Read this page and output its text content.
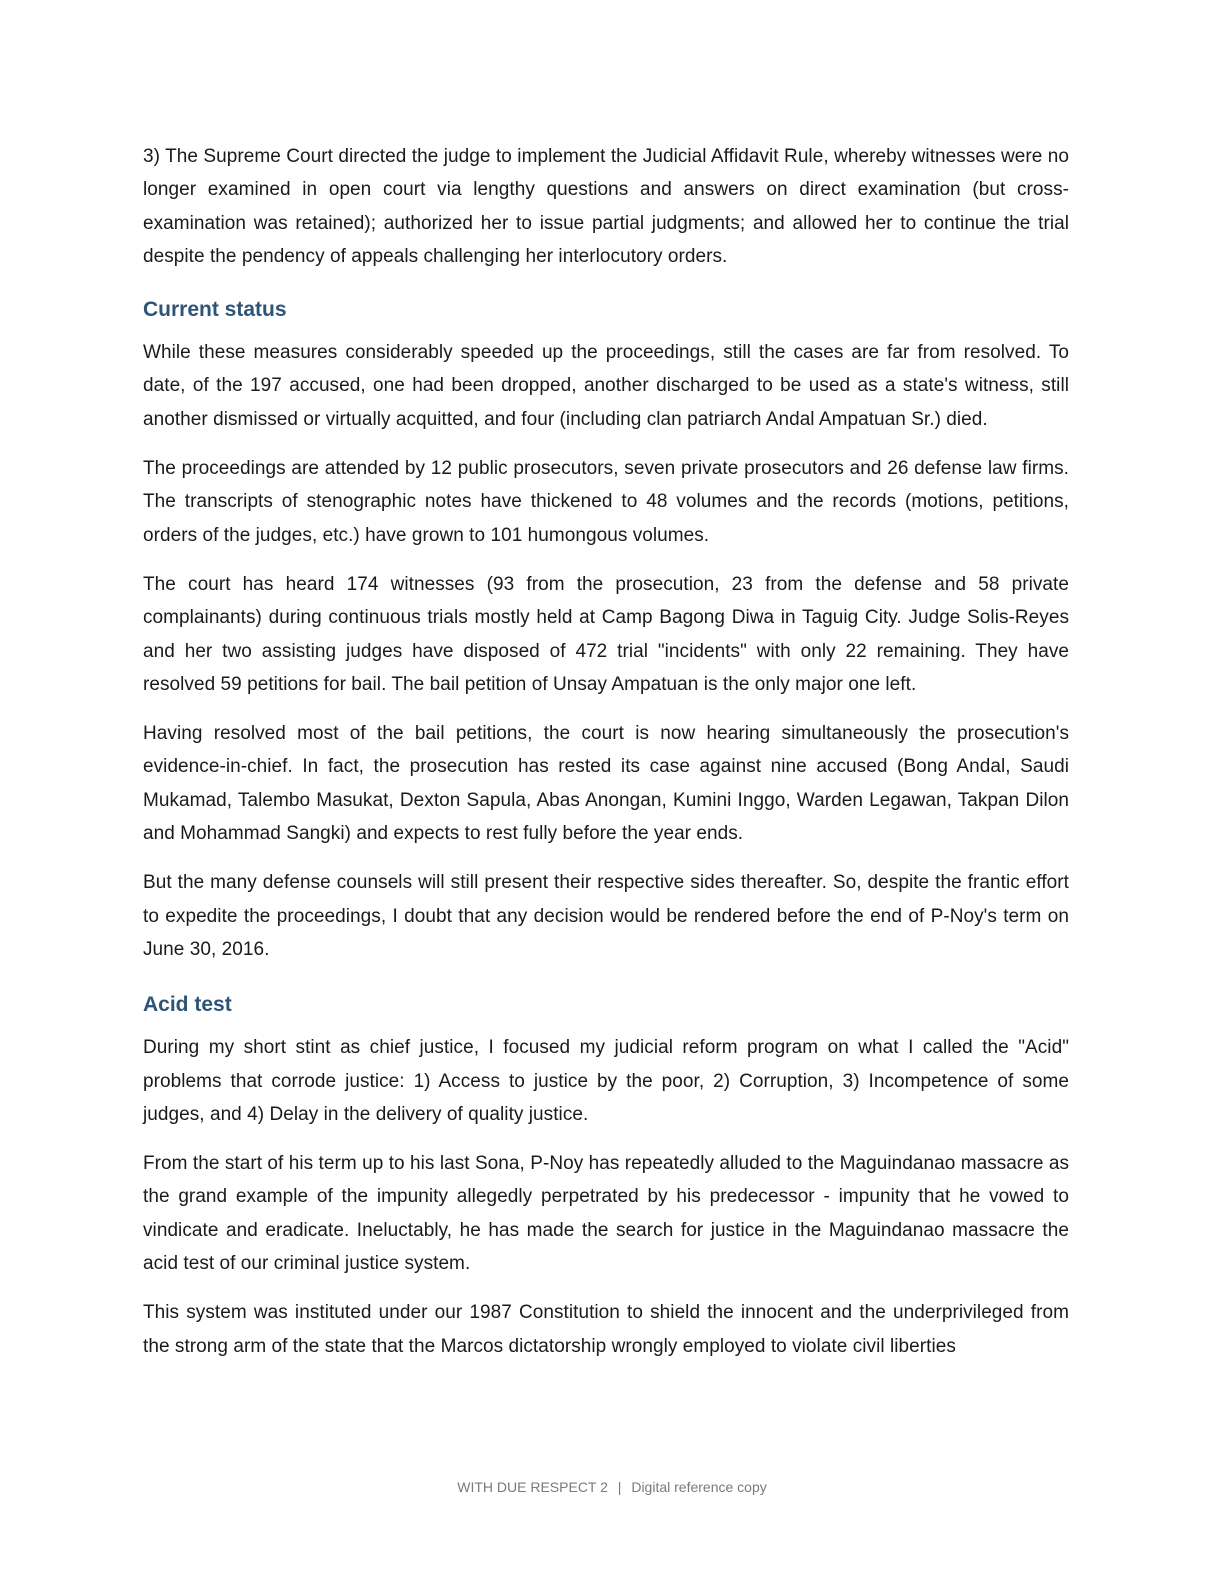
3) The Supreme Court directed the judge to implement the Judicial Affidavit Rule, whereby witnesses were no longer examined in open court via lengthy questions and answers on direct examination (but cross-examination was retained); authorized her to issue partial judgments; and allowed her to continue the trial despite the pendency of appeals challenging her interlocutory orders.

Current status

While these measures considerably speeded up the proceedings, still the cases are far from resolved. To date, of the 197 accused, one had been dropped, another discharged to be used as a state's witness, still another dismissed or virtually acquitted, and four (including clan patriarch Andal Ampatuan Sr.) died.

The proceedings are attended by 12 public prosecutors, seven private prosecutors and 26 defense law firms. The transcripts of stenographic notes have thickened to 48 volumes and the records (motions, petitions, orders of the judges, etc.) have grown to 101 humongous volumes.

The court has heard 174 witnesses (93 from the prosecution, 23 from the defense and 58 private complainants) during continuous trials mostly held at Camp Bagong Diwa in Taguig City. Judge Solis-Reyes and her two assisting judges have disposed of 472 trial "incidents" with only 22 remaining. They have resolved 59 petitions for bail. The bail petition of Unsay Ampatuan is the only major one left.

Having resolved most of the bail petitions, the court is now hearing simultaneously the prosecution's evidence-in-chief. In fact, the prosecution has rested its case against nine accused (Bong Andal, Saudi Mukamad, Talembo Masukat, Dexton Sapula, Abas Anongan, Kumini Inggo, Warden Legawan, Takpan Dilon and Mohammad Sangki) and expects to rest fully before the year ends.

But the many defense counsels will still present their respective sides thereafter. So, despite the frantic effort to expedite the proceedings, I doubt that any decision would be rendered before the end of P-Noy's term on June 30, 2016.

Acid test

During my short stint as chief justice, I focused my judicial reform program on what I called the "Acid" problems that corrode justice: 1) Access to justice by the poor, 2) Corruption, 3) Incompetence of some judges, and 4) Delay in the delivery of quality justice.

From the start of his term up to his last Sona, P-Noy has repeatedly alluded to the Maguindanao massacre as the grand example of the impunity allegedly perpetrated by his predecessor - impunity that he vowed to vindicate and eradicate. Ineluctably, he has made the search for justice in the Maguindanao massacre the acid test of our criminal justice system.

This system was instituted under our 1987 Constitution to shield the innocent and the underprivileged from the strong arm of the state that the Marcos dictatorship wrongly employed to violate civil liberties

WITH DUE RESPECT 2 | Digital reference copy
